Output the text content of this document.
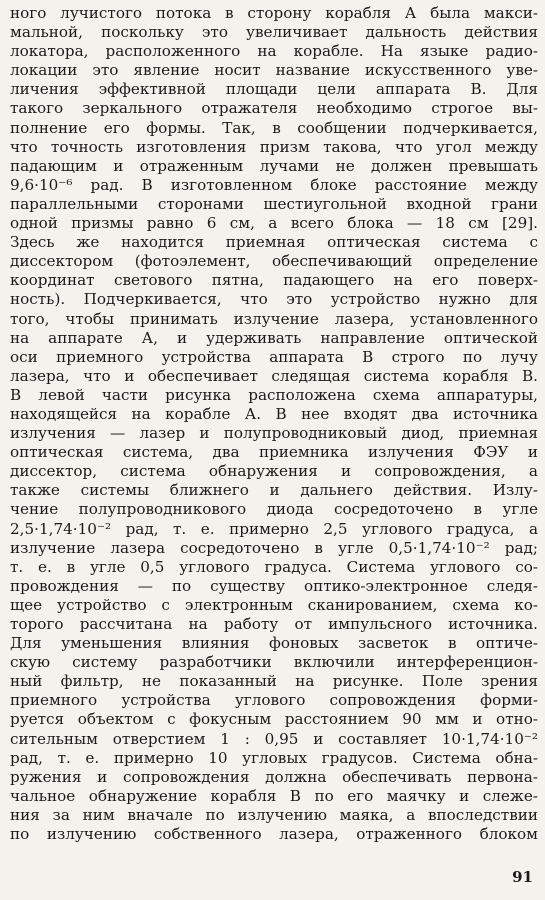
ного лучистого потока в сторону корабля А была макси-
мальной, поскольку это увеличивает дальность действия
локатора, расположенного на корабле. На языке радио-
локации это явление носит название искусственного уве-
личения эффективной площади цели аппарата В. Для
такого зеркального отражателя необходимо строгое вы-
полнение его формы. Так, в сообщении подчеркивается,
что точность изготовления призм такова, что угол между
падающим и отраженным лучами не должен превышать
9,6·10⁻⁶ рад. В изготовленном блоке расстояние между
параллельными сторонами шестиугольной входной грани
одной призмы равно 6 см, а всего блока — 18 см [29].
Здесь же находится приемная оптическая система с
диссектором (фотоэлемент, обеспечивающий определение
координат светового пятна, падающего на его поверх-
ность). Подчеркивается, что это устройство нужно для
того, чтобы принимать излучение лазера, установленного
на аппарате А, и удерживать направление оптической
оси приемного устройства аппарата В строго по лучу
лазера, что и обеспечивает следящая система корабля В.
В левой части рисунка расположена схема аппаратуры,
находящейся на корабле А. В нее входят два источника
излучения — лазер и полупроводниковый диод, приемная
оптическая система, два приемника излучения ФЭУ и
диссектор, система обнаружения и сопровождения, а
также системы ближнего и дальнего действия. Излу-
чение полупроводникового диода сосредоточено в угле
2,5·1,74·10⁻² рад, т. е. примерно 2,5 углового градуса, а
излучение лазера сосредоточено в угле 0,5·1,74·10⁻² рад;
т. е. в угле 0,5 углового градуса. Система углового со-
провождения — по существу оптико-электронное следя-
щее устройство с электронным сканированием, схема ко-
торого рассчитана на работу от импульсного источника.
Для уменьшения влияния фоновых засветок в оптиче-
скую систему разработчики включили интерференцион-
ный фильтр, не показанный на рисунке. Поле зрения
приемного устройства углового сопровождения форми-
руется объектом с фокусным расстоянием 90 мм и отно-
сительным отверстием 1 : 0,95 и составляет 10·1,74·10⁻²
рад, т. е. примерно 10 угловых градусов. Система обна-
ружения и сопровождения должна обеспечивать первона-
чальное обнаружение корабля В по его маячку и слеже-
ния за ним вначале по излучению маяка, а впоследствии
по излучению собственного лазера, отраженного блоком
91
